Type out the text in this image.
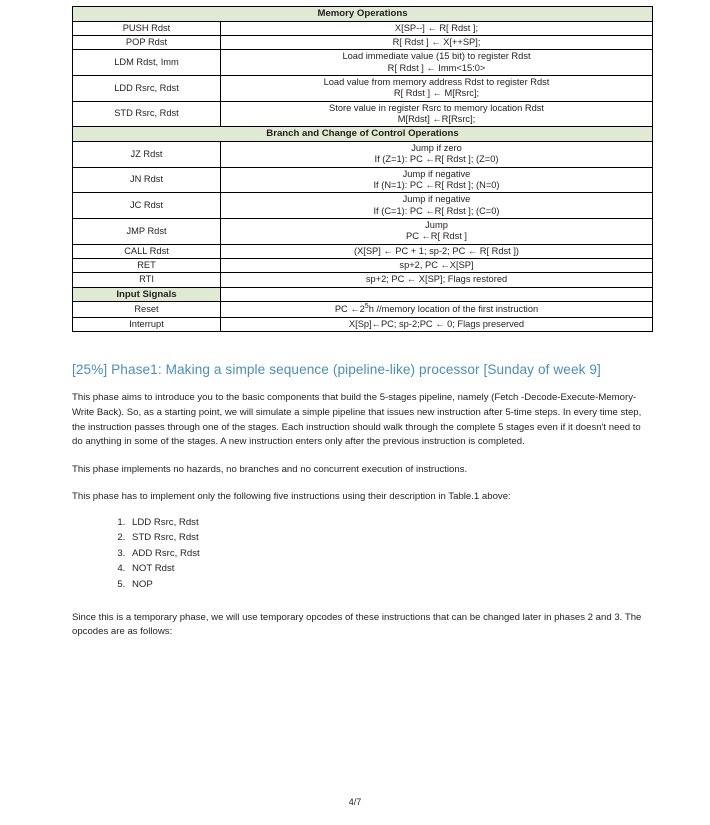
Memory Operations	
PUSH Rdst	X[SP--] ← R[ Rdst ];

POP Rdst	R[ Rdst ] ← X[++SP];

LDM Rdst, Imm	Load immediate value (15 bit) to register Rdst
R[ Rdst ] ← Imm<15:0>

LDD Rsrc, Rdst	Load value from memory address Rdst to register Rdst
R[ Rdst ] ← M[Rsrc];

STD Rsrc, Rdst	Store value in register Rsrc to memory location Rdst
M[Rdst] ←R[Rsrc];

Branch and Change of Control Operations	
JZ Rdst	Jump if zero
If (Z=1): PC ←R[ Rdst ]; (Z=0)

JN Rdst	Jump if negative
If (N=1): PC ←R[ Rdst ]; (N=0)

JC Rdst	Jump if negative
If (C=1): PC ←R[ Rdst ]; (C=0)

JMP Rdst	Jump
PC ←R[ Rdst ]

CALL Rdst	(X[SP] ← PC + 1; sp-2; PC ← R[ Rdst ])

RET	sp+2, PC ←X[SP]

RTI	sp+2; PC ← X[SP]; Flags restored

Input Signals	
Reset	PC $\leftarrow 2^5h$ //memory location of the first instruction
Interrupt	X[Sp]←PC; sp-2;PC ← 0; Flags preserved
[25%] Phase1: Making a simple sequence (pipeline-like) processor [Sunday of week 9]

This phase aims to introduce you to the basic components that build the 5-stages pipeline, namely (Fetch -Decode-Execute-Memory-Write Back). So, as a starting point, we will simulate a simple pipeline that issues new instruction after 5-time steps. In every time step, the instruction passes through one of the stages. Each instruction should walk through the complete 5 stages even if it doesn't need to do anything in some of the stages. A new instruction enters only after the previous instruction is completed.

This phase implements no hazards, no branches and no concurrent execution of instructions.

This phase has to implement only the following five instructions using their description in Table.1 above:

1. LDD Rsrc, Rdst
2. STD Rsrc, Rdst
3. ADD Rsrc, Rdst
4. NOT Rdst
5. NOP

Since this is a temporary phase, we will use temporary opcodes of these instructions that can be changed later in phases 2 and 3. The opcodes are as follows:

4/7
